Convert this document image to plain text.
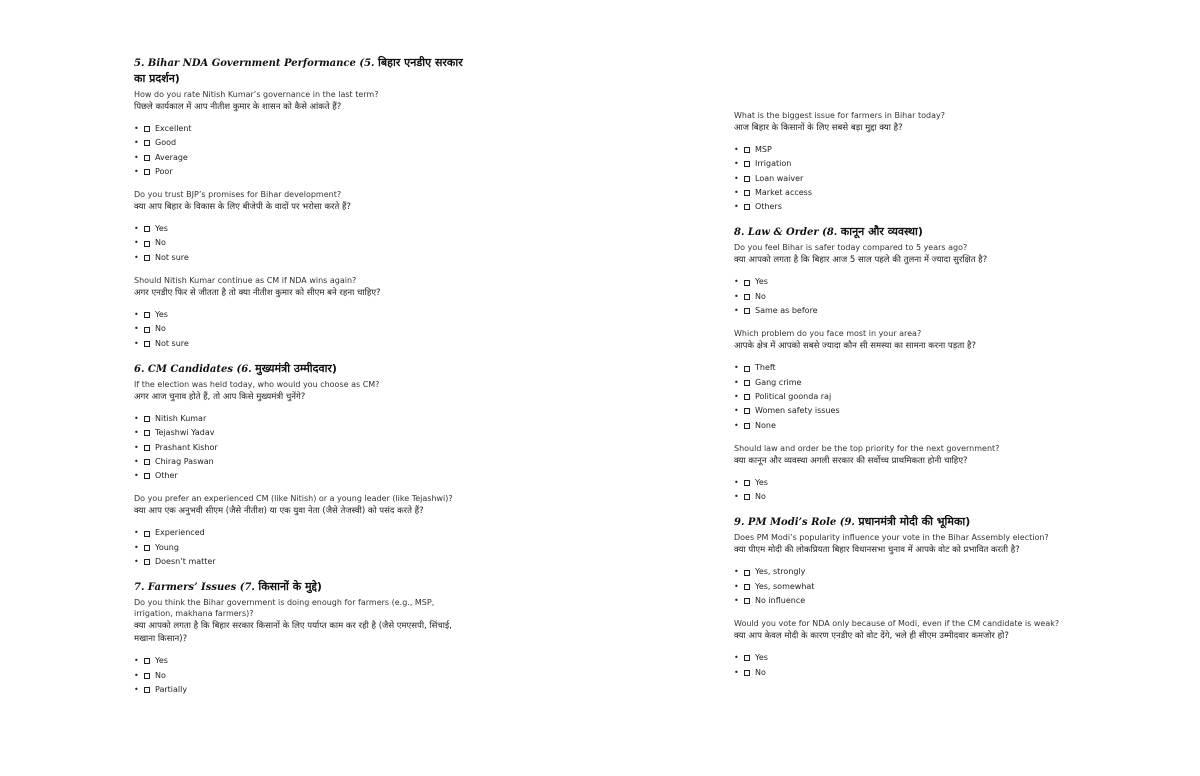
5. Bihar NDA Government Performance (5. बिहार एनडीए सरकार का प्रदर्शन)
How do you rate Nitish Kumar’s governance in the last term?
पिछले कार्यकाल में आप नीतीश कुमार के शासन को कैसे आंकते हैं?
•	Excellent
•	Good
•	Average
•	Poor
Do you trust BJP’s promises for Bihar development?
क्या आप बिहार के विकास के लिए बीजेपी के वादों पर भरोसा करते हैं?
•	Yes
•	No
•	Not sure
Should Nitish Kumar continue as CM if NDA wins again?
अगर एनडीए फिर से जीतता है तो क्या नीतीश कुमार को सीएम बने रहना चाहिए?
•	Yes
•	No
•	Not sure
6. CM Candidates (6. मुख्यमंत्री उम्मीदवार)
If the election was held today, who would you choose as CM?
अगर आज चुनाव होते हैं, तो आप किसे मुख्यमंत्री चुनेंगे?
•	Nitish Kumar
•	Tejashwi Yadav
•	Prashant Kishor
•	Chirag Paswan
•	Other
Do you prefer an experienced CM (like Nitish) or a young leader (like Tejashwi)?
क्या आप एक अनुभवी सीएम (जैसे नीतीश) या एक युवा नेता (जैसे तेजस्वी) को पसंद करते हैं?
•	Experienced
•	Young
•	Doesn’t matter
7. Farmers’ Issues (7. किसानों के मुद्दे)
Do you think the Bihar government is doing enough for farmers (e.g., MSP, irrigation, makhana farmers)?
क्या आपको लगता है कि बिहार सरकार किसानों के लिए पर्याप्त काम कर रही है (जैसे एमएसपी, सिंचाई, मखाना किसान)?
•	Yes
•	No
•	Partially
What is the biggest issue for farmers in Bihar today?
आज बिहार के किसानों के लिए सबसे बड़ा मुद्दा क्या है?
•	MSP
•	Irrigation
•	Loan waiver
•	Market access
•	Others
8. Law & Order (8. कानून और व्यवस्था)
Do you feel Bihar is safer today compared to 5 years ago?
क्या आपको लगता है कि बिहार आज 5 साल पहले की तुलना में ज्यादा सुरक्षित है?
•	Yes
•	No
•	Same as before
Which problem do you face most in your area?
आपके क्षेत्र में आपको सबसे ज्यादा कौन सी समस्या का सामना करना पड़ता है?
•	Theft
•	Gang crime
•	Political goonda raj
•	Women safety issues
•	None
Should law and order be the top priority for the next government?
क्या कानून और व्यवस्था अगली सरकार की सर्वोच्च प्राथमिकता होनी चाहिए?
•	Yes
•	No
9. PM Modi’s Role (9. प्रधानमंत्री मोदी की भूमिका)
Does PM Modi’s popularity influence your vote in the Bihar Assembly election?
क्या पीएम मोदी की लोकप्रियता बिहार विधानसभा चुनाव में आपके वोट को प्रभावित करती है?
•	Yes, strongly
•	Yes, somewhat
•	No influence
Would you vote for NDA only because of Modi, even if the CM candidate is weak?
क्या आप केवल मोदी के कारण एनडीए को वोट देंगे, भले ही सीएम उम्मीदवार कमजोर हो?
•	Yes
•	No
